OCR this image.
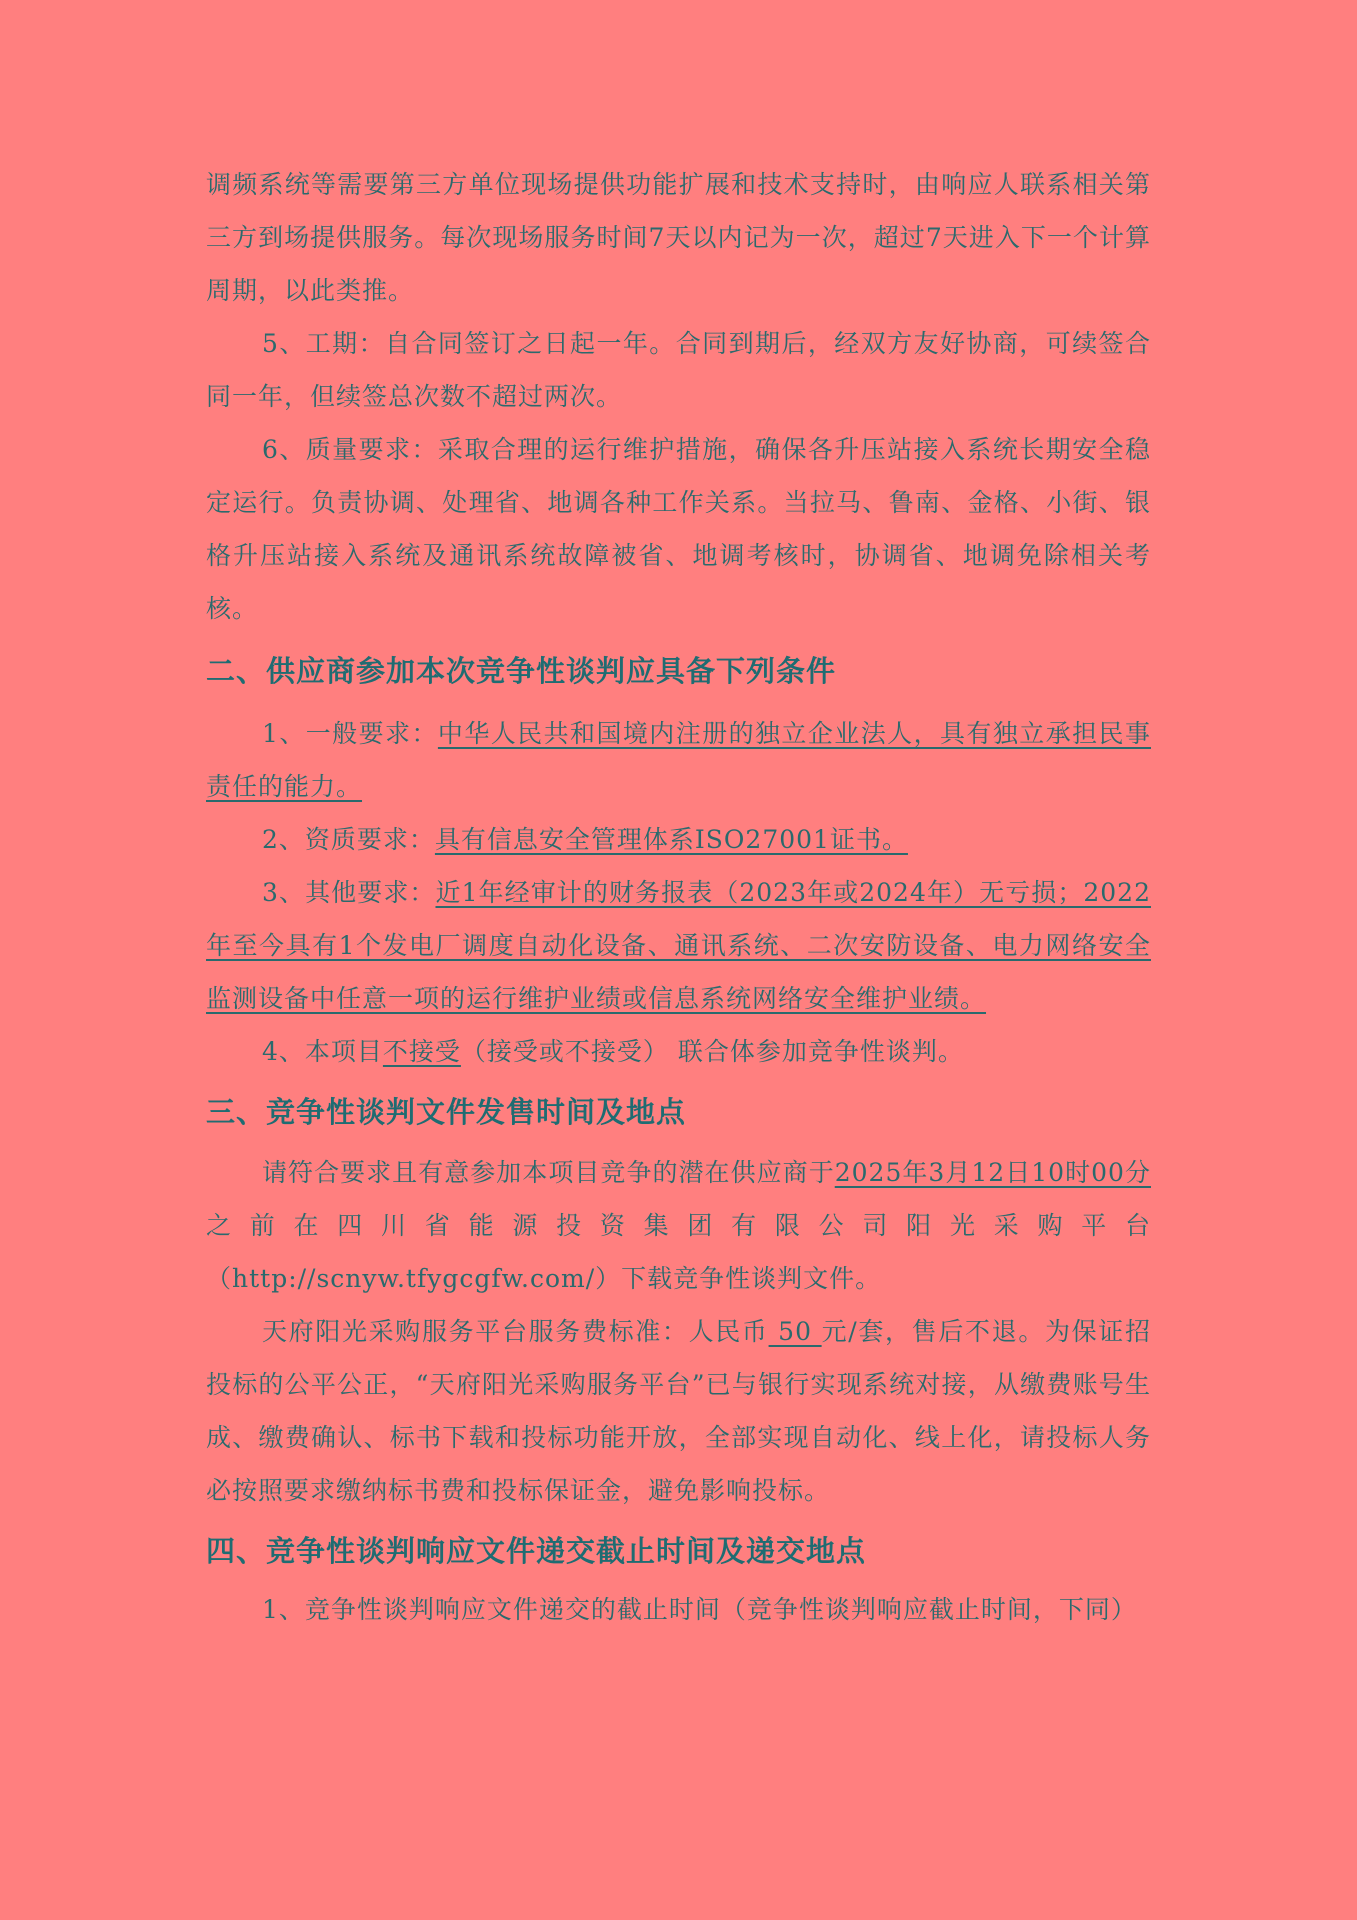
调频系统等需要第三方单位现场提供功能扩展和技术支持时，由响应人联系相关第三方到场提供服务。每次现场服务时间7天以内记为一次，超过7天进入下一个计算周期，以此类推。

5、工期：自合同签订之日起一年。合同到期后，经双方友好协商，可续签合同一年，但续签总次数不超过两次。

6、质量要求：采取合理的运行维护措施，确保各升压站接入系统长期安全稳定运行。负责协调、处理省、地调各种工作关系。当拉马、鲁南、金格、小街、银格升压站接入系统及通讯系统故障被省、地调考核时，协调省、地调免除相关考核。

二、供应商参加本次竞争性谈判应具备下列条件

1、一般要求：中华人民共和国境内注册的独立企业法人，具有独立承担民事责任的能力。

2、资质要求：具有信息安全管理体系ISO27001证书。

3、其他要求：近1年经审计的财务报表（2023年或2024年）无亏损；2022年至今具有1个发电厂调度自动化设备、通讯系统、二次安防设备、电力网络安全监测设备中任意一项的运行维护业绩或信息系统网络安全维护业绩。

4、本项目不接受（接受或不接受） 联合体参加竞争性谈判。

三、竞争性谈判文件发售时间及地点

请符合要求且有意参加本项目竞争的潜在供应商于2025年3月12日10时00分之前在四川省能源投资集团有限公司阳光采购平台（http://scnyw.tfygcgfw.com/）下载竞争性谈判文件。

天府阳光采购服务平台服务费标准：人民币 50 元/套，售后不退。为保证招投标的公平公正，“天府阳光采购服务平台”已与银行实现系统对接，从缴费账号生成、缴费确认、标书下载和投标功能开放，全部实现自动化、线上化，请投标人务必按照要求缴纳标书费和投标保证金，避免影响投标。

四、竞争性谈判响应文件递交截止时间及递交地点

1、竞争性谈判响应文件递交的截止时间（竞争性谈判响应截止时间，下同）
